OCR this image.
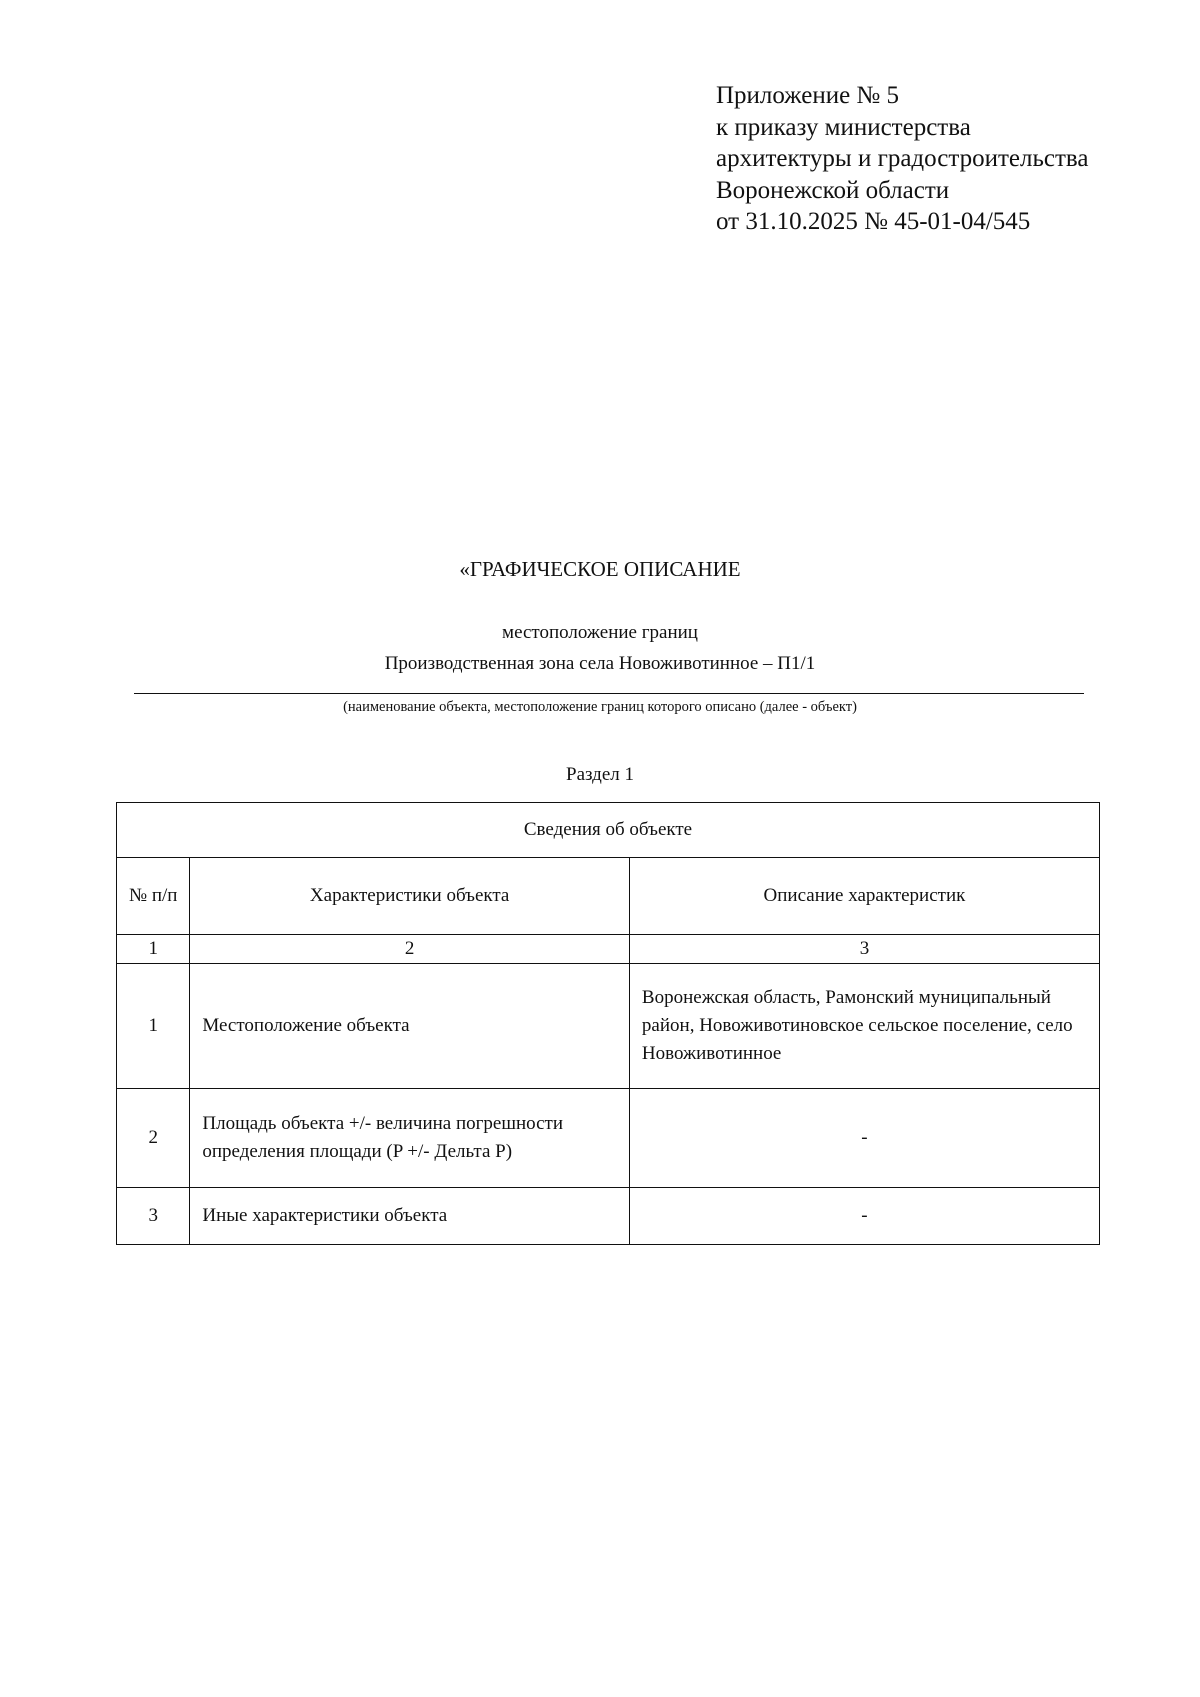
Приложение № 5
к приказу министерства
архитектуры и градостроительства
Воронежской области
от 31.10.2025 № 45-01-04/545
«ГРАФИЧЕСКОЕ ОПИСАНИЕ
местоположение границ
Производственная зона села Новоживотинное – П1/1
(наименование объекта, местоположение границ которого описано (далее - объект)
Раздел 1
Сведения об объекте		
№ п/п	Характеристики объекта	Описание характеристик
1	2	3
1	Местоположение объекта	Воронежская область, Рамонский муниципальный район, Новоживотиновское сельское поселение, село Новоживотинное
2	Площадь объекта +/- величина погрешности определения площади (P +/- Дельта P)	-
3	Иные характеристики объекта	-
